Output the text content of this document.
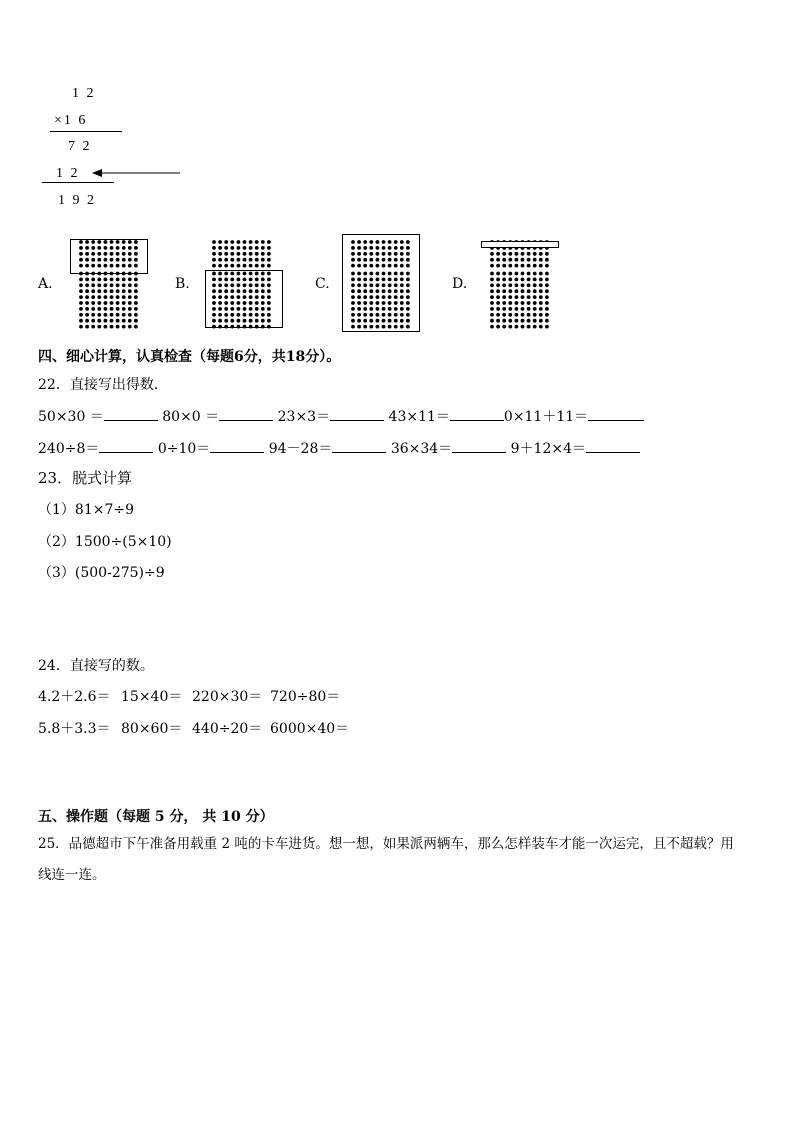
1 2
×1 6
7 2
1 2
1 9 2
A.	B.	C.	D.
四、细心计算，认真检查（每题6分，共18分）。
22．直接写出得数．
50×30 ＝	80×0 ＝	23×3＝	43×11＝	0×11＋11＝
240÷8＝	0÷10＝	94－28＝	36×34＝	9＋12×4＝
23．脱式计算
（1）81×7÷9
（2）1500÷(5×10)
（3）(500-275)÷9
24．直接写的数。
4.2＋2.6＝ 15×40＝ 220×30＝ 720÷80＝
5.8＋3.3＝ 80×60＝ 440÷20＝ 6000×40＝
五、操作题（每题 5 分， 共 10 分）
25．品德超市下午准备用载重 2 吨的卡车进货。想一想，如果派两辆车，那么怎样装车才能一次运完，且不超载？用
线连一连。
